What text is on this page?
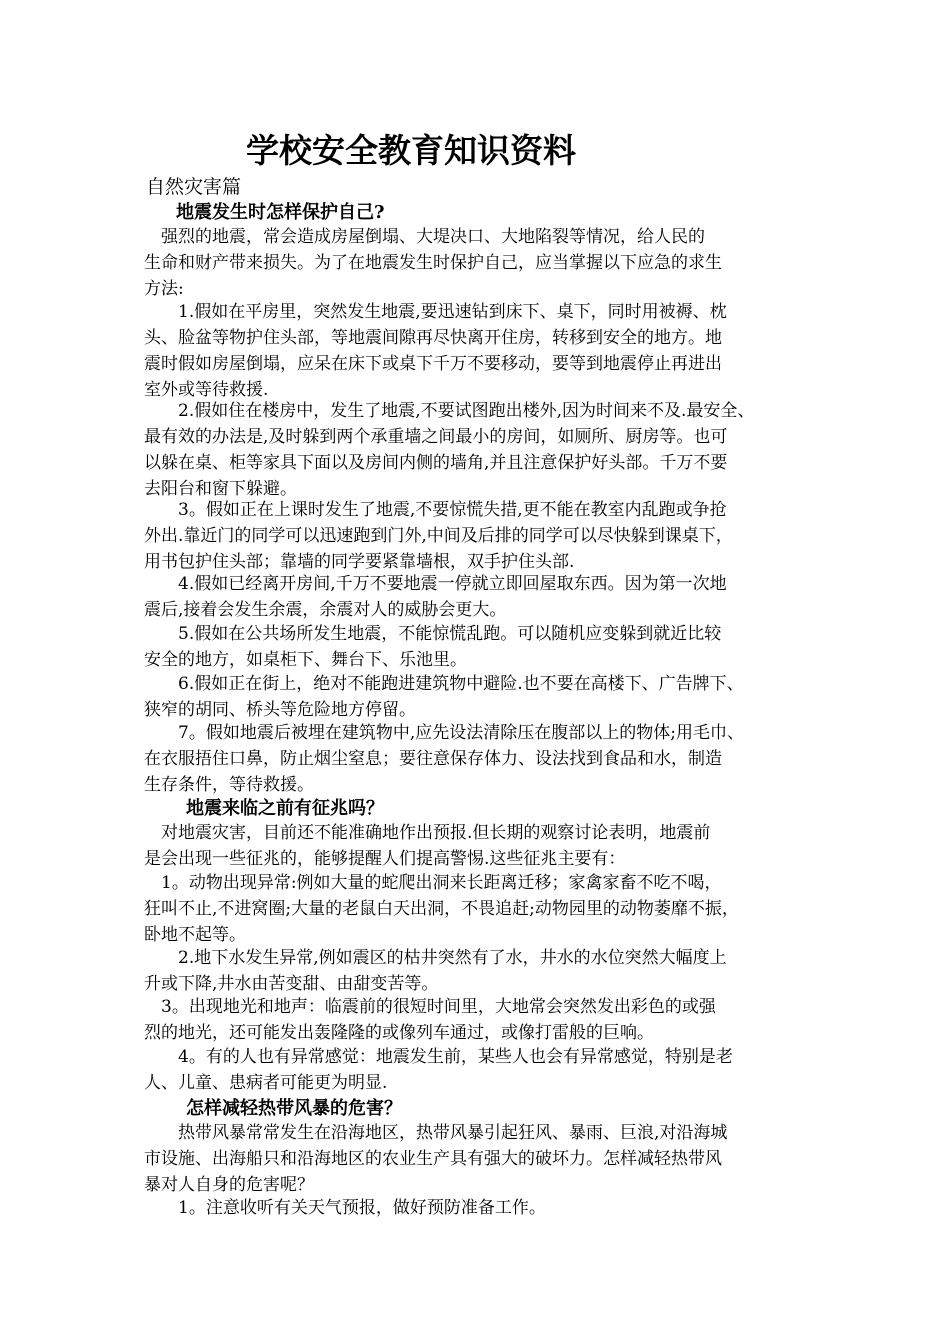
学校安全教育知识资料
自然灾害篇
地震发生时怎样保护自己?
　强烈的地震，常会造成房屋倒塌、大堤决口、大地陷裂等情况，给人民的
生命和财产带来损失。为了在地震发生时保护自己，应当掌握以下应急的求生
方法:
　　1.假如在平房里，突然发生地震,要迅速钻到床下、桌下，同时用被褥、枕
头、脸盆等物护住头部，等地震间隙再尽快离开住房，转移到安全的地方。地
震时假如房屋倒塌，应呆在床下或桌下千万不要移动，要等到地震停止再进出
室外或等待救援.
　　2.假如住在楼房中，发生了地震,不要试图跑出楼外,因为时间来不及.最安全、
最有效的办法是,及时躲到两个承重墙之间最小的房间，如厕所、厨房等。也可
以躲在桌、柜等家具下面以及房间内侧的墙角,并且注意保护好头部。千万不要
去阳台和窗下躲避。
　　3。假如正在上课时发生了地震,不要惊慌失措,更不能在教室内乱跑或争抢
外出.靠近门的同学可以迅速跑到门外,中间及后排的同学可以尽快躲到课桌下，
用书包护住头部；靠墙的同学要紧靠墙根，双手护住头部.
　　4.假如已经离开房间,千万不要地震一停就立即回屋取东西。因为第一次地
震后,接着会发生余震，余震对人的威胁会更大。
　　5.假如在公共场所发生地震，不能惊慌乱跑。可以随机应变躲到就近比较
安全的地方，如桌柜下、舞台下、乐池里。
　　6.假如正在街上，绝对不能跑进建筑物中避险.也不要在高楼下、广告牌下、
狭窄的胡同、桥头等危险地方停留。
　　7。假如地震后被埋在建筑物中,应先设法清除压在腹部以上的物体;用毛巾、
在衣服捂住口鼻，防止烟尘窒息；要往意保存体力、设法找到食品和水，制造
生存条件，等待救援。
地震来临之前有征兆吗？
　对地震灾害，目前还不能准确地作出预报.但长期的观察讨论表明，地震前
是会出现一些征兆的，能够提醒人们提高警惕.这些征兆主要有：
　1。动物出现异常:例如大量的蛇爬出洞来长距离迁移；家禽家畜不吃不喝，
狂叫不止,不进窝圈;大量的老鼠白天出洞，不畏追赶;动物园里的动物萎靡不振，
卧地不起等。
　　2.地下水发生异常,例如震区的枯井突然有了水，井水的水位突然大幅度上
升或下降,井水由苦变甜、由甜变苦等。
　3。出现地光和地声：临震前的很短时间里，大地常会突然发出彩色的或强
烈的地光，还可能发出轰隆隆的或像列车通过，或像打雷般的巨响。
　　4。有的人也有异常感觉：地震发生前，某些人也会有异常感觉，特别是老
人、儿童、患病者可能更为明显.
怎样减轻热带风暴的危害？
　　热带风暴常常发生在沿海地区，热带风暴引起狂风、暴雨、巨浪,对沿海城
市设施、出海船只和沿海地区的农业生产具有强大的破坏力。怎样减轻热带风
暴对人自身的危害呢？
　　1。注意收听有关天气预报，做好预防准备工作。
